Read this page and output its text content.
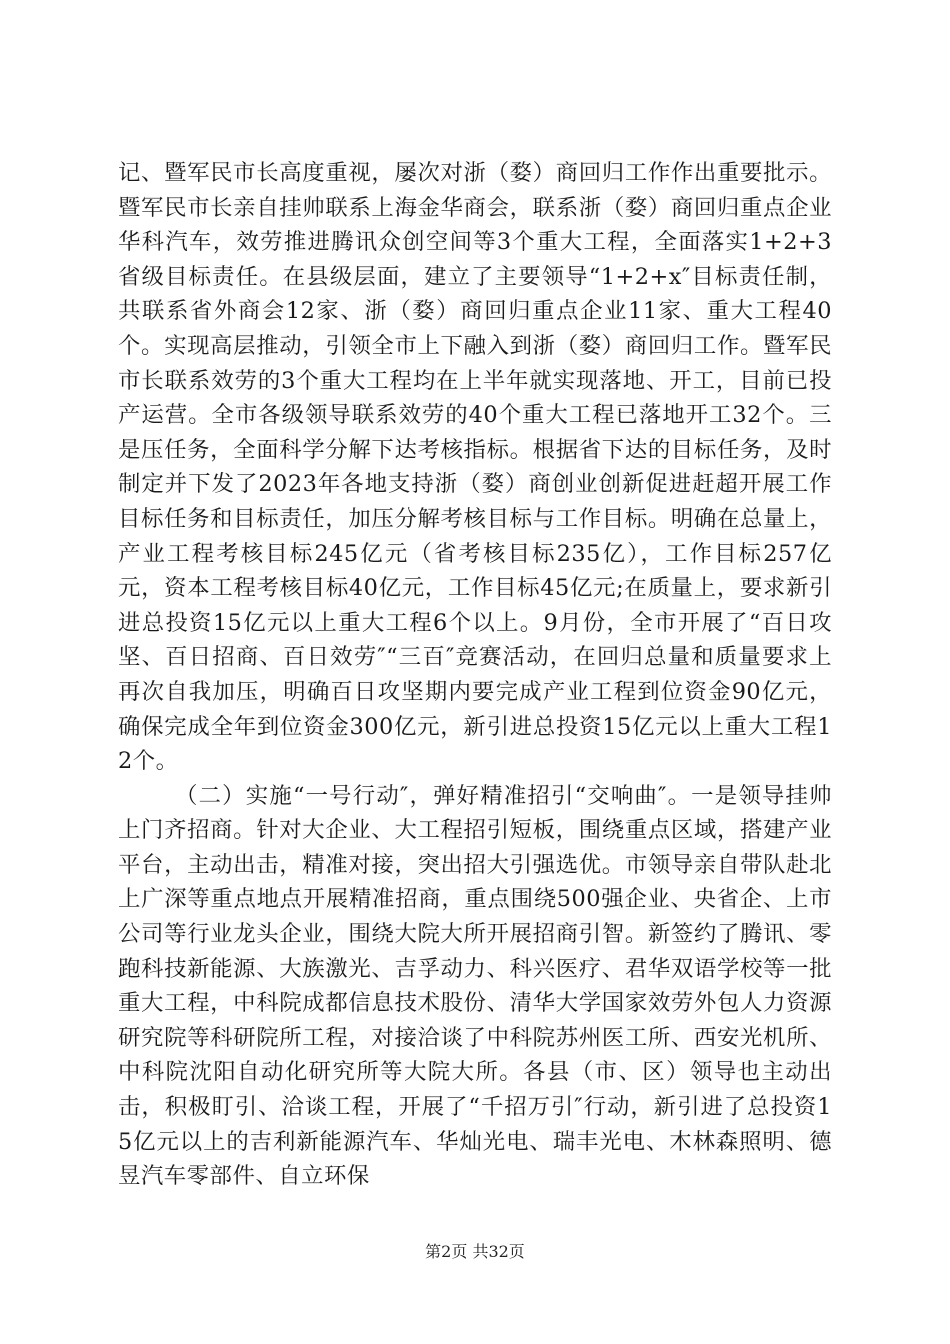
记、暨军民市长高度重视，屡次对浙（婺）商回归工作作出重要批示。暨军民市长亲自挂帅联系上海金华商会，联系浙（婺）商回归重点企业华科汽车，效劳推进腾讯众创空间等3个重大工程，全面落实1+2+3省级目标责任。在县级层面，建立了主要领导“1+2+x″目标责任制，共联系省外商会12家、浙（婺）商回归重点企业11家、重大工程40个。实现高层推动，引领全市上下融入到浙（婺）商回归工作。暨军民市长联系效劳的3个重大工程均在上半年就实现落地、开工，目前已投产运营。全市各级领导联系效劳的40个重大工程已落地开工32个。三是压任务，全面科学分解下达考核指标。根据省下达的目标任务，及时制定并下发了2023年各地支持浙（婺）商创业创新促进赶超开展工作目标任务和目标责任，加压分解考核目标与工作目标。明确在总量上，产业工程考核目标245亿元（省考核目标235亿），工作目标257亿元，资本工程考核目标40亿元，工作目标45亿元;在质量上，要求新引进总投资15亿元以上重大工程6个以上。9月份，全市开展了“百日攻坚、百日招商、百日效劳″“三百″竞赛活动，在回归总量和质量要求上再次自我加压，明确百日攻坚期内要完成产业工程到位资金90亿元，确保完成全年到位资金300亿元，新引进总投资15亿元以上重大工程12个。

（二）实施“一号行动″，弹好精准招引“交响曲″。一是领导挂帅上门齐招商。针对大企业、大工程招引短板，围绕重点区域，搭建产业平台，主动出击，精准对接，突出招大引强选优。市领导亲自带队赴北上广深等重点地点开展精准招商，重点围绕500强企业、央省企、上市公司等行业龙头企业，围绕大院大所开展招商引智。新签约了腾讯、零跑科技新能源、大族激光、吉孚动力、科兴医疗、君华双语学校等一批重大工程，中科院成都信息技术股份、清华大学国家效劳外包人力资源研究院等科研院所工程，对接洽谈了中科院苏州医工所、西安光机所、中科院沈阳自动化研究所等大院大所。各县（市、区）领导也主动出击，积极盯引、洽谈工程，开展了“千招万引″行动，新引进了总投资15亿元以上的吉利新能源汽车、华灿光电、瑞丰光电、木林森照明、德昱汽车零部件、自立环保

第2页 共32页
